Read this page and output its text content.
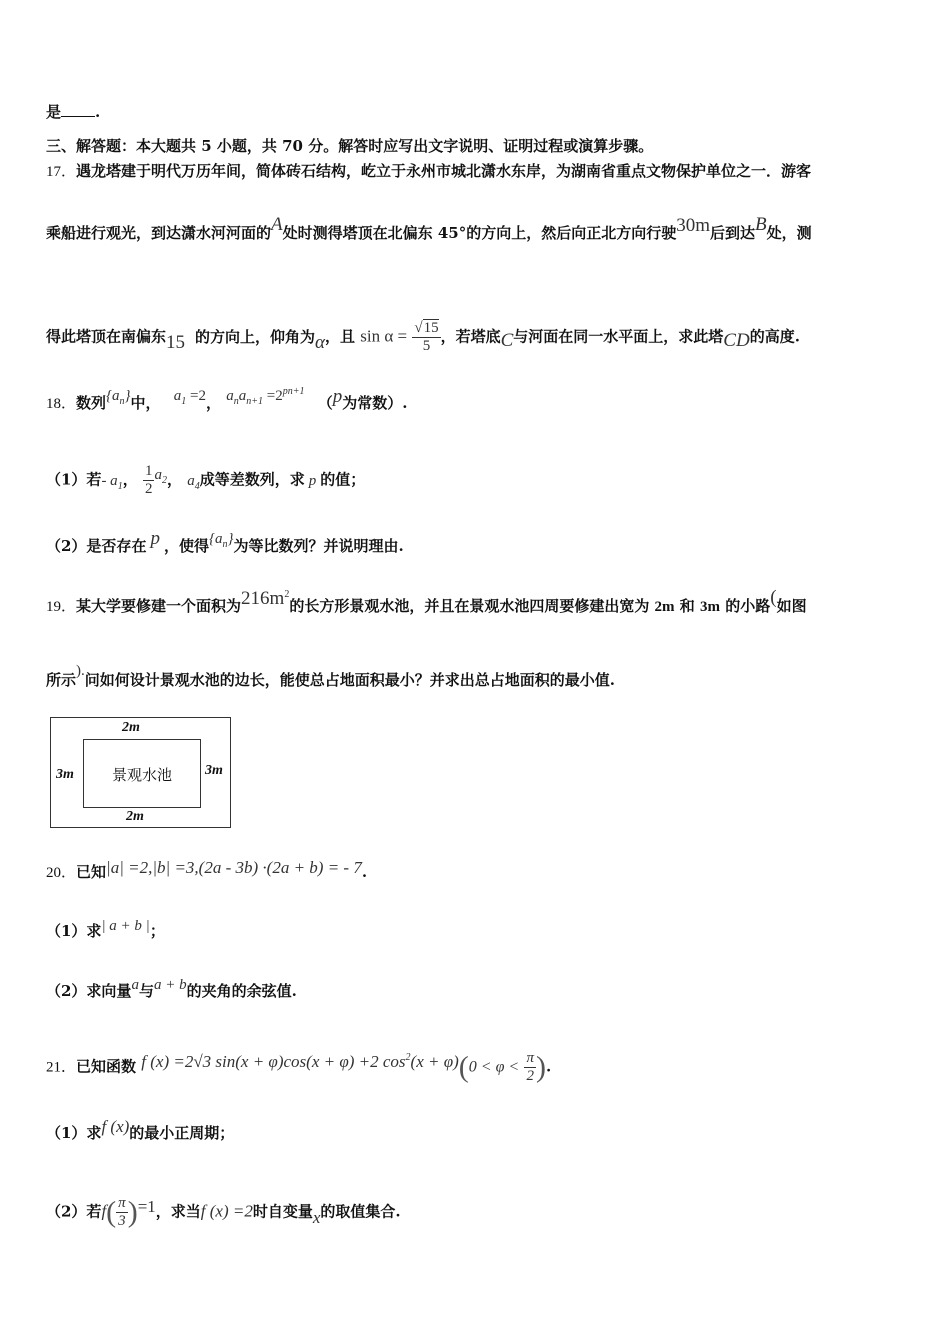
是 .
三、解答题：本大题共 5 小题，共 70 分。解答时应写出文字说明、证明过程或演算步骤。
17．遇龙塔建于明代万历年间，简体砖石结构，屹立于永州市城北潇水东岸，为湖南省重点文物保护单位之一．游客
乘船进行观光，到达潇水河河面的A处时测得塔顶在北偏东 45°的方向上，然后向正北方向行驶30m后到达B处，测
得此塔顶在南偏东15 的方向上，仰角为α，且 $\sin \alpha = \frac{√15}{5}$ ，若塔底C与河面在同一水平面上，求此塔CD的高度.
18．数列$\{a_n\}$中， $a_1 =2$， $a_na_{n+1} =2^{pn+1}$ （p为常数）.
（1）若- $a_1$， $\frac{1}{2} a_2$， $a_4$成等差数列，求 p 的值；
（2）是否存在 p ，使得$\{a_n\}$为等比数列？并说明理由.
19．某大学要修建一个面积为$216m^2$的长方形景观水池，并且在景观水池四周要修建出宽为 2m 和 3m 的小路(如图
所示).问如何设计景观水池的边长，能使总占地面积最小？并求出总占地面积的最小值.
2m
3m	3m
2m
景观水池
20．已知|a| =2,|b| =3,(2a - 3b) ·(2a + b) = - 7.
（1）求| a + b |；
（2）求向量a与a + b的夹角的余弦值.
21．已知函数 f (x) =2√3 sin(x + φ)cos(x + φ) +2 $\cos^2(x + \varphi)(0 < \varphi < \frac{\pi}{2}$ ).
（1）求f (x)的最小正周期；
（2）若$f( \frac{\pi}{3} )=1$，求当f (x) =2时自变量x的取值集合.
